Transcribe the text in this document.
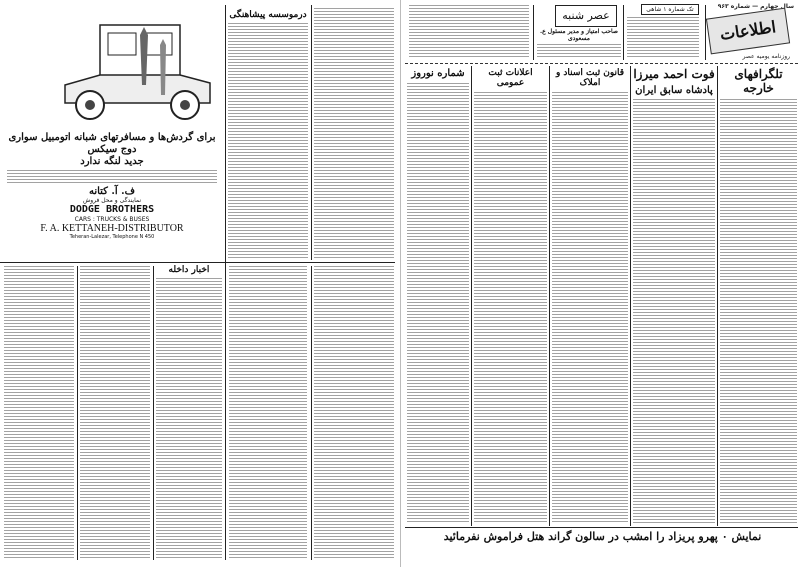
برای گردش‌ها و مسافرتهای شبانه اتومبیل سواری دوج سیکس
جدید لنگه ندارد
ف. آ. کتانه
نمایندگی و محل فروش
DODGE BROTHERS
CARS : TRUCKS & BUSES
F. A. KETTANEH-DISTRIBUTOR
Teheran-Lalezar, Telephone N 450
درموسسه پیشاهنگی
اخبار داخله
سال چهارم — شماره ۹۶۳
اطلاعات
روزنامه یومیه عصر
تک شماره ۱ شاهی
عصر شنبه
صاحب امتیاز و مدیر مسئول ع. مسعودی
تلگرافهای خارجه
فوت احمد میرزا
پادشاه سابق ایران
قانون ثبت اسناد و املاک
اعلانات ثبت عمومی
شماره نوروز
نمایش ۰ پهرو پریزاد را امشب در سالون گراند هتل فراموش نفرمائید
